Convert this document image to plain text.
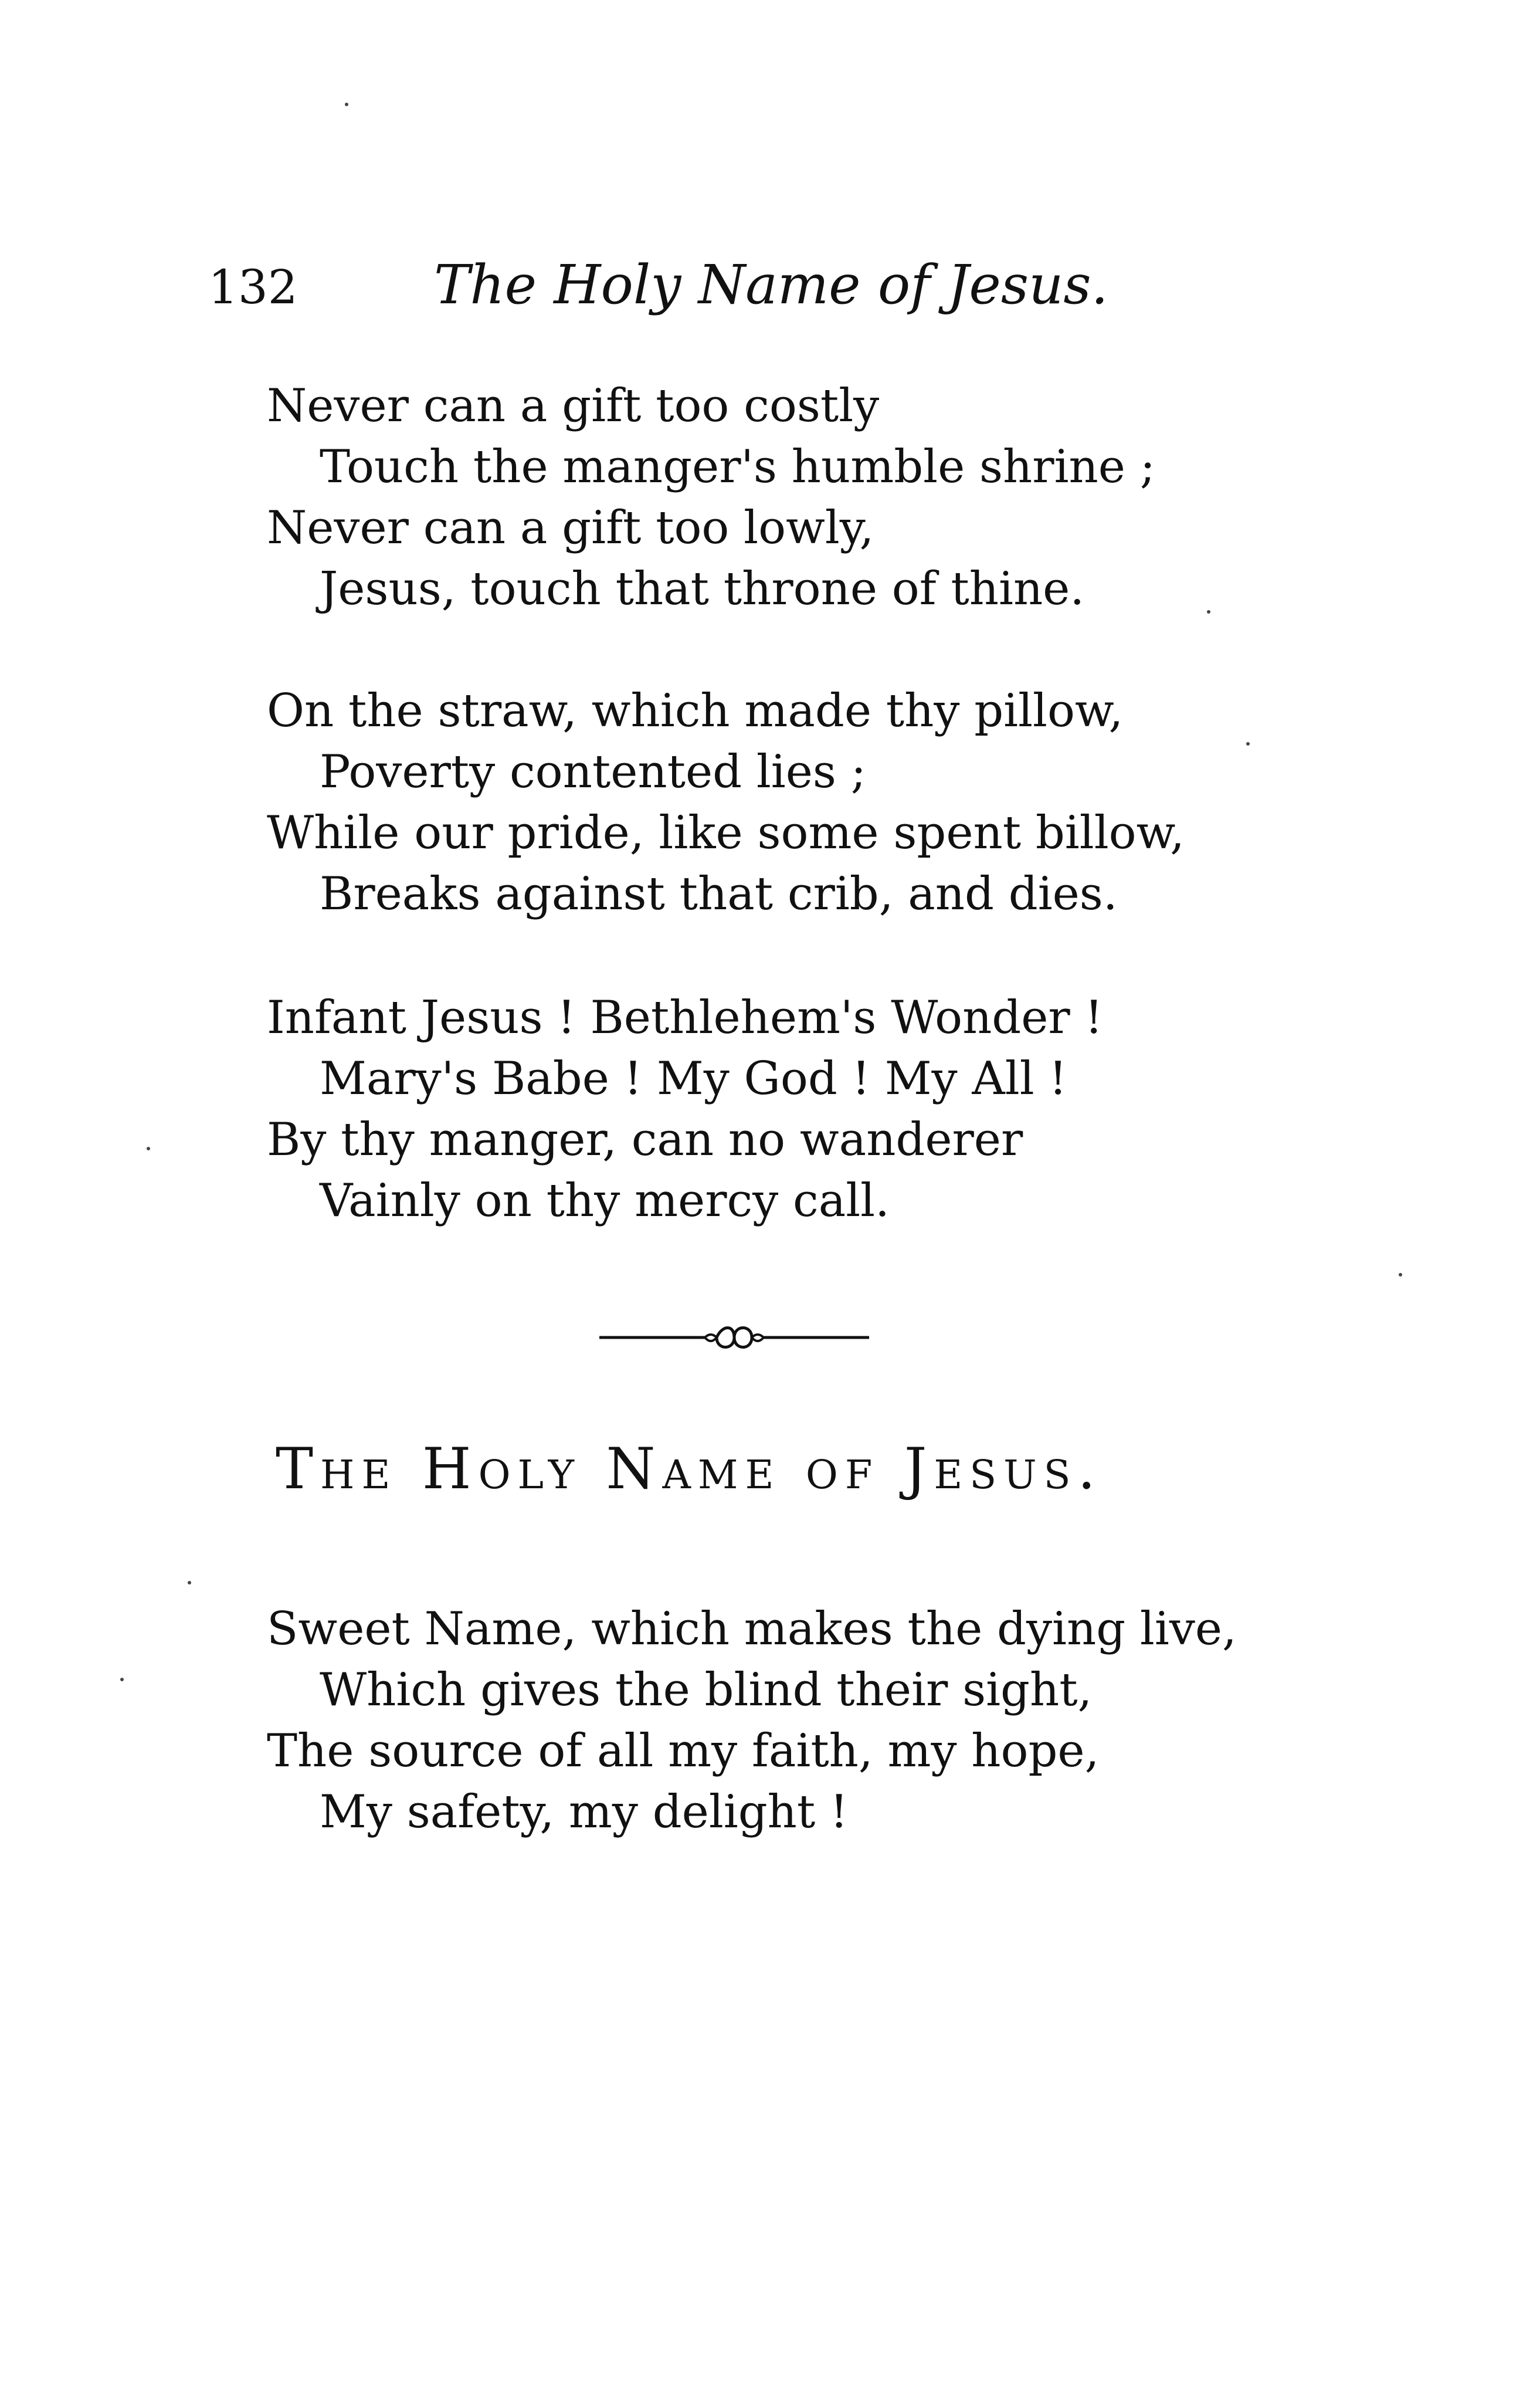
132	The Holy Name of Jesus.
Never can a gift too costly
Touch the manger's humble shrine ;
Never can a gift too lowly,
Jesus, touch that throne of thine.
On the straw, which made thy pillow,
Poverty contented lies ;
While our pride, like some spent billow,
Breaks against that crib, and dies.
Infant Jesus ! Bethlehem's Wonder !
Mary's Babe ! My God ! My All !
By thy manger, can no wanderer
Vainly on thy mercy call.
The Holy Name of Jesus.
Sweet Name, which makes the dying live,
Which gives the blind their sight,
The source of all my faith, my hope,
My safety, my delight !
